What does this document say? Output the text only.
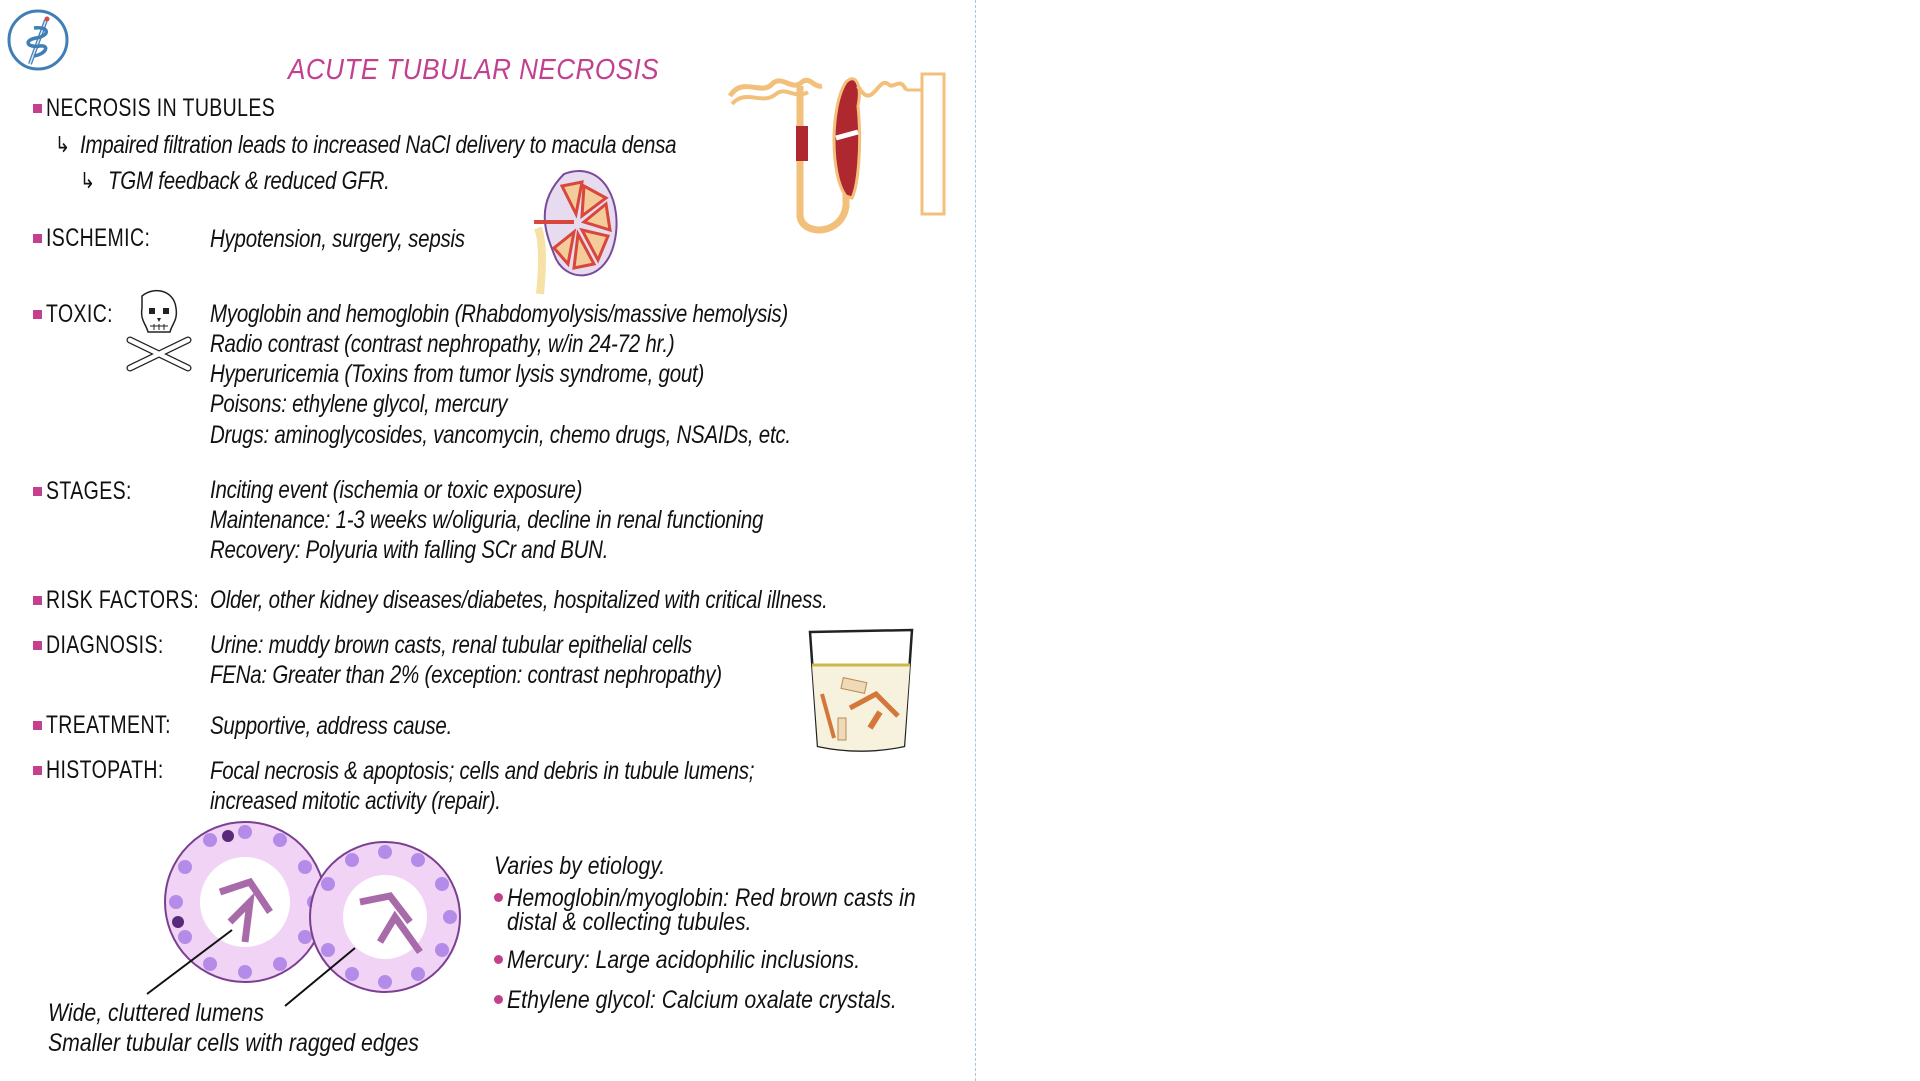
ACUTE TUBULAR NECROSIS
NECROSIS IN TUBULES
↳ Impaired filtration leads to increased NaCl delivery to macula densa
↳ TGM feedback & reduced GFR.
ISCHEMIC: Hypotension, surgery, sepsis
TOXIC:	Myoglobin and hemoglobin (Rhabdomyolysis/massive hemolysis)
Radio contrast (contrast nephropathy, w/in 24-72 hr.)
Hyperuricemia (Toxins from tumor lysis syndrome, gout)
Poisons: ethylene glycol, mercury
Drugs: aminoglycosides, vancomycin, chemo drugs, NSAIDs, etc.
STAGES:	Inciting event (ischemia or toxic exposure)
Maintenance: 1-3 weeks w/oliguria, decline in renal functioning
Recovery: Polyuria with falling SCr and BUN.
RISK FACTORS: Older, other kidney diseases/diabetes, hospitalized with critical illness.
DIAGNOSIS: Urine: muddy brown casts, renal tubular epithelial cells
FENa: Greater than 2% (exception: contrast nephropathy)
TREATMENT: Supportive, address cause.
HISTOPATH: Focal necrosis & apoptosis; cells and debris in tubule lumens;
increased mitotic activity (repair).
Wide, cluttered lumens
Smaller tubular cells with ragged edges
Varies by etiology.
Hemoglobin/myoglobin: Red brown casts in
distal & collecting tubules.
Mercury: Large acidophilic inclusions.
Ethylene glycol: Calcium oxalate crystals.
